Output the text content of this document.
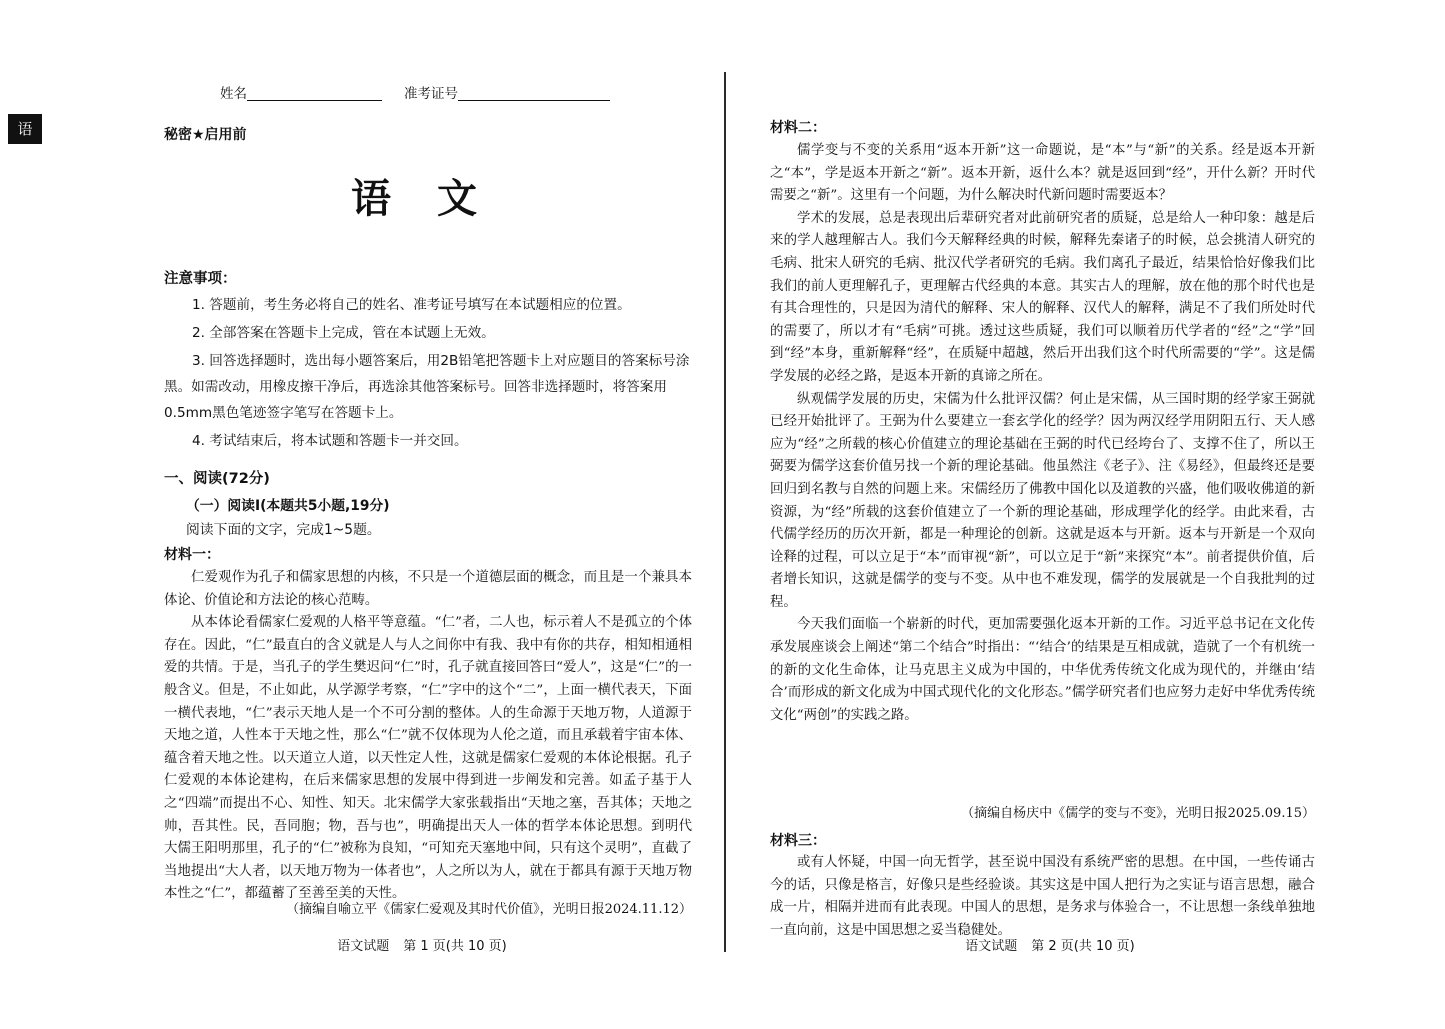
语
姓名	准考证号
秘密★启用前
语 文
注意事项：

1. 答题前，考生务必将自己的姓名、准考证号填写在本试题相应的位置。

2. 全部答案在答题卡上完成，管在本试题上无效。

3. 回答选择题时，选出每小题答案后，用2B铅笔把答题卡上对应题目的答案标号涂黑。如需改动，用橡皮擦干净后，再选涂其他答案标号。回答非选择题时，将答案用0.5mm黑色笔迹签字笔写在答题卡上。

4. 考试结束后，将本试题和答题卡一并交回。

一、阅读(72分)
（一）阅读Ⅰ(本题共5小题,19分)
阅读下面的文字，完成1~5题。
材料一：

仁爱观作为孔子和儒家思想的内核，不只是一个道德层面的概念，而且是一个兼具本体论、价值论和方法论的核心范畴。

从本体论看儒家仁爱观的人格平等意蕴。“仁”者，二人也，标示着人不是孤立的个体存在。因此，“仁”最直白的含义就是人与人之间你中有我、我中有你的共存，相知相通相爱的共情。于是，当孔子的学生樊迟问“仁”时，孔子就直接回答曰“爱人”，这是“仁”的一般含义。但是，不止如此，从学源学考察，“仁”字中的这个“二”，上面一横代表天，下面一横代表地，“仁”表示天地人是一个不可分割的整体。人的生命源于天地万物，人道源于天地之道，人性本于天地之性，那么“仁”就不仅体现为人伦之道，而且承载着宇宙本体、蕴含着天地之性。以天道立人道，以天性定人性，这就是儒家仁爱观的本体论根据。孔子仁爱观的本体论建构，在后来儒家思想的发展中得到进一步阐发和完善。如孟子基于人之“四端”而提出不心、知性、知天。北宋儒学大家张载指出“天地之塞，吾其体；天地之帅，吾其性。民，吾同胞；物，吾与也”，明确提出天人一体的哲学本体论思想。到明代大儒王阳明那里，孔子的“仁”被称为良知，“可知充天塞地中间，只有这个灵明”，直截了当地提出“大人者，以天地万物为一体者也”，人之所以为人，就在于都具有源于天地万物本性之“仁”，都蕴蓄了至善至美的天性。

（摘编自喻立平《儒家仁爱观及其时代价值》，光明日报2024.11.12）
语文试题 第 1 页(共 10 页)
材料二：

儒学变与不变的关系用“返本开新”这一命题说，是“本”与“新”的关系。经是返本开新之“本”，学是返本开新之“新”。返本开新，返什么本？就是返回到“经”，开什么新？开时代需要之“新”。这里有一个问题，为什么解决时代新问题时需要返本？

学术的发展，总是表现出后辈研究者对此前研究者的质疑，总是给人一种印象：越是后来的学人越理解古人。我们今天解释经典的时候，解释先秦诸子的时候，总会挑清人研究的毛病、批宋人研究的毛病、批汉代学者研究的毛病。我们离孔子最近，结果恰恰好像我们比我们的前人更理解孔子，更理解古代经典的本意。其实古人的理解，放在他的那个时代也是有其合理性的，只是因为清代的解释、宋人的解释、汉代人的解释，满足不了我们所处时代的需要了，所以才有“毛病”可挑。透过这些质疑，我们可以顺着历代学者的“经”之“学”回到“经”本身，重新解释“经”，在质疑中超越，然后开出我们这个时代所需要的“学”。这是儒学发展的必经之路，是返本开新的真谛之所在。

纵观儒学发展的历史，宋儒为什么批评汉儒？何止是宋儒，从三国时期的经学家王弼就已经开始批评了。王弼为什么要建立一套玄学化的经学？因为两汉经学用阴阳五行、天人感应为“经”之所载的核心价值建立的理论基础在王弼的时代已经垮台了、支撑不住了，所以王弼要为儒学这套价值另找一个新的理论基础。他虽然注《老子》、注《易经》，但最终还是要回归到名教与自然的问题上来。宋儒经历了佛教中国化以及道教的兴盛，他们吸收佛道的新资源，为“经”所载的这套价值建立了一个新的理论基础，形成理学化的经学。由此来看，古代儒学经历的历次开新，都是一种理论的创新。这就是返本与开新。返本与开新是一个双向诠释的过程，可以立足于“本”而审视“新”，可以立足于“新”来探究“本”。前者提供价值，后者增长知识，这就是儒学的变与不变。从中也不难发现，儒学的发展就是一个自我批判的过程。

今天我们面临一个崭新的时代，更加需要强化返本开新的工作。习近平总书记在文化传承发展座谈会上阐述“第二个结合”时指出：“‘结合’的结果是互相成就，造就了一个有机统一的新的文化生命体，让马克思主义成为中国的，中华优秀传统文化成为现代的，并继由‘结合’而形成的新文化成为中国式现代化的文化形态。”儒学研究者们也应努力走好中华优秀传统文化“两创”的实践之路。

（摘编自杨庆中《儒学的变与不变》，光明日报2025.09.15）
材料三：

或有人怀疑，中国一向无哲学，甚至说中国没有系统严密的思想。在中国，一些传诵古今的话，只像是格言，好像只是些经验谈。其实这是中国人把行为之实证与语言思想，融合成一片，相隔并进而有此表现。中国人的思想，是务求与体验合一，不让思想一条线单独地一直向前，这是中国思想之妥当稳健处。

语文试题 第 2 页(共 10 页)
